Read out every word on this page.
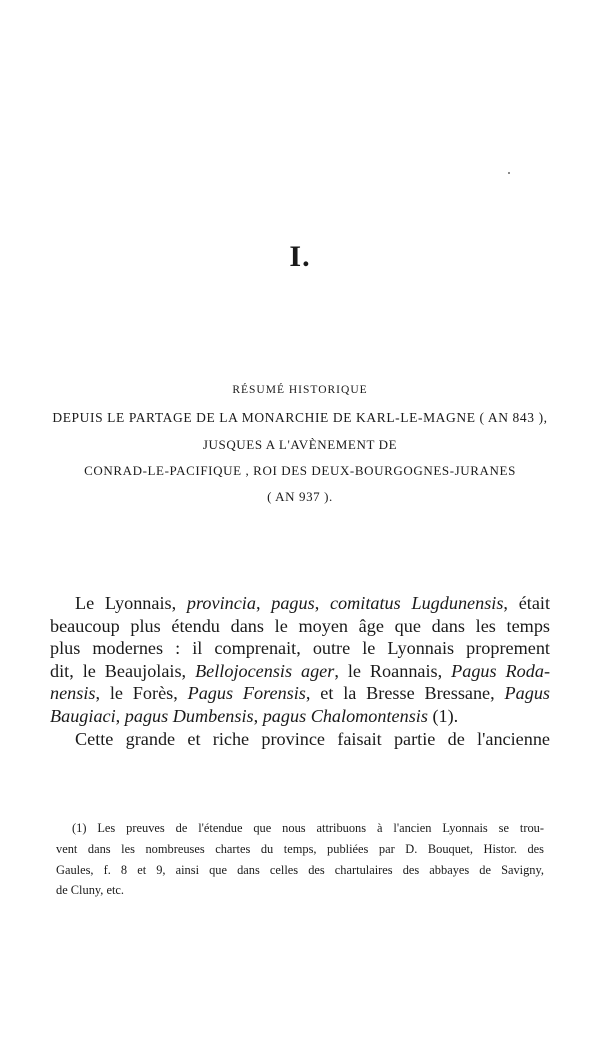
I.
RÉSUMÉ HISTORIQUE
DEPUIS LE PARTAGE DE LA MONARCHIE DE KARL-LE-MAGNE ( AN 843 ),
JUSQUES A L'AVÈNEMENT DE
CONRAD-LE-PACIFIQUE , ROI DES DEUX-BOURGOGNES-JURANES
( AN 937 ).
Le Lyonnais, provincia, pagus, comitatus Lugdunensis, était
beaucoup plus étendu dans le moyen âge que dans les temps
plus modernes : il comprenait, outre le Lyonnais proprement
dit, le Beaujolais, Bellojocensis ager, le Roannais, Pagus Roda-
nensis, le Forès, Pagus Forensis, et la Bresse Bressane, Pagus
Baugiaci, pagus Dumbensis, pagus Chalomontensis (1).
Cette grande et riche province faisait partie de l'ancienne
(1) Les preuves de l'étendue que nous attribuons à l'ancien Lyonnais se trou-
vent dans les nombreuses chartes du temps, publiées par D. Bouquet, Histor. des
Gaules, f. 8 et 9, ainsi que dans celles des chartulaires des abbayes de Savigny,
de Cluny, etc.
